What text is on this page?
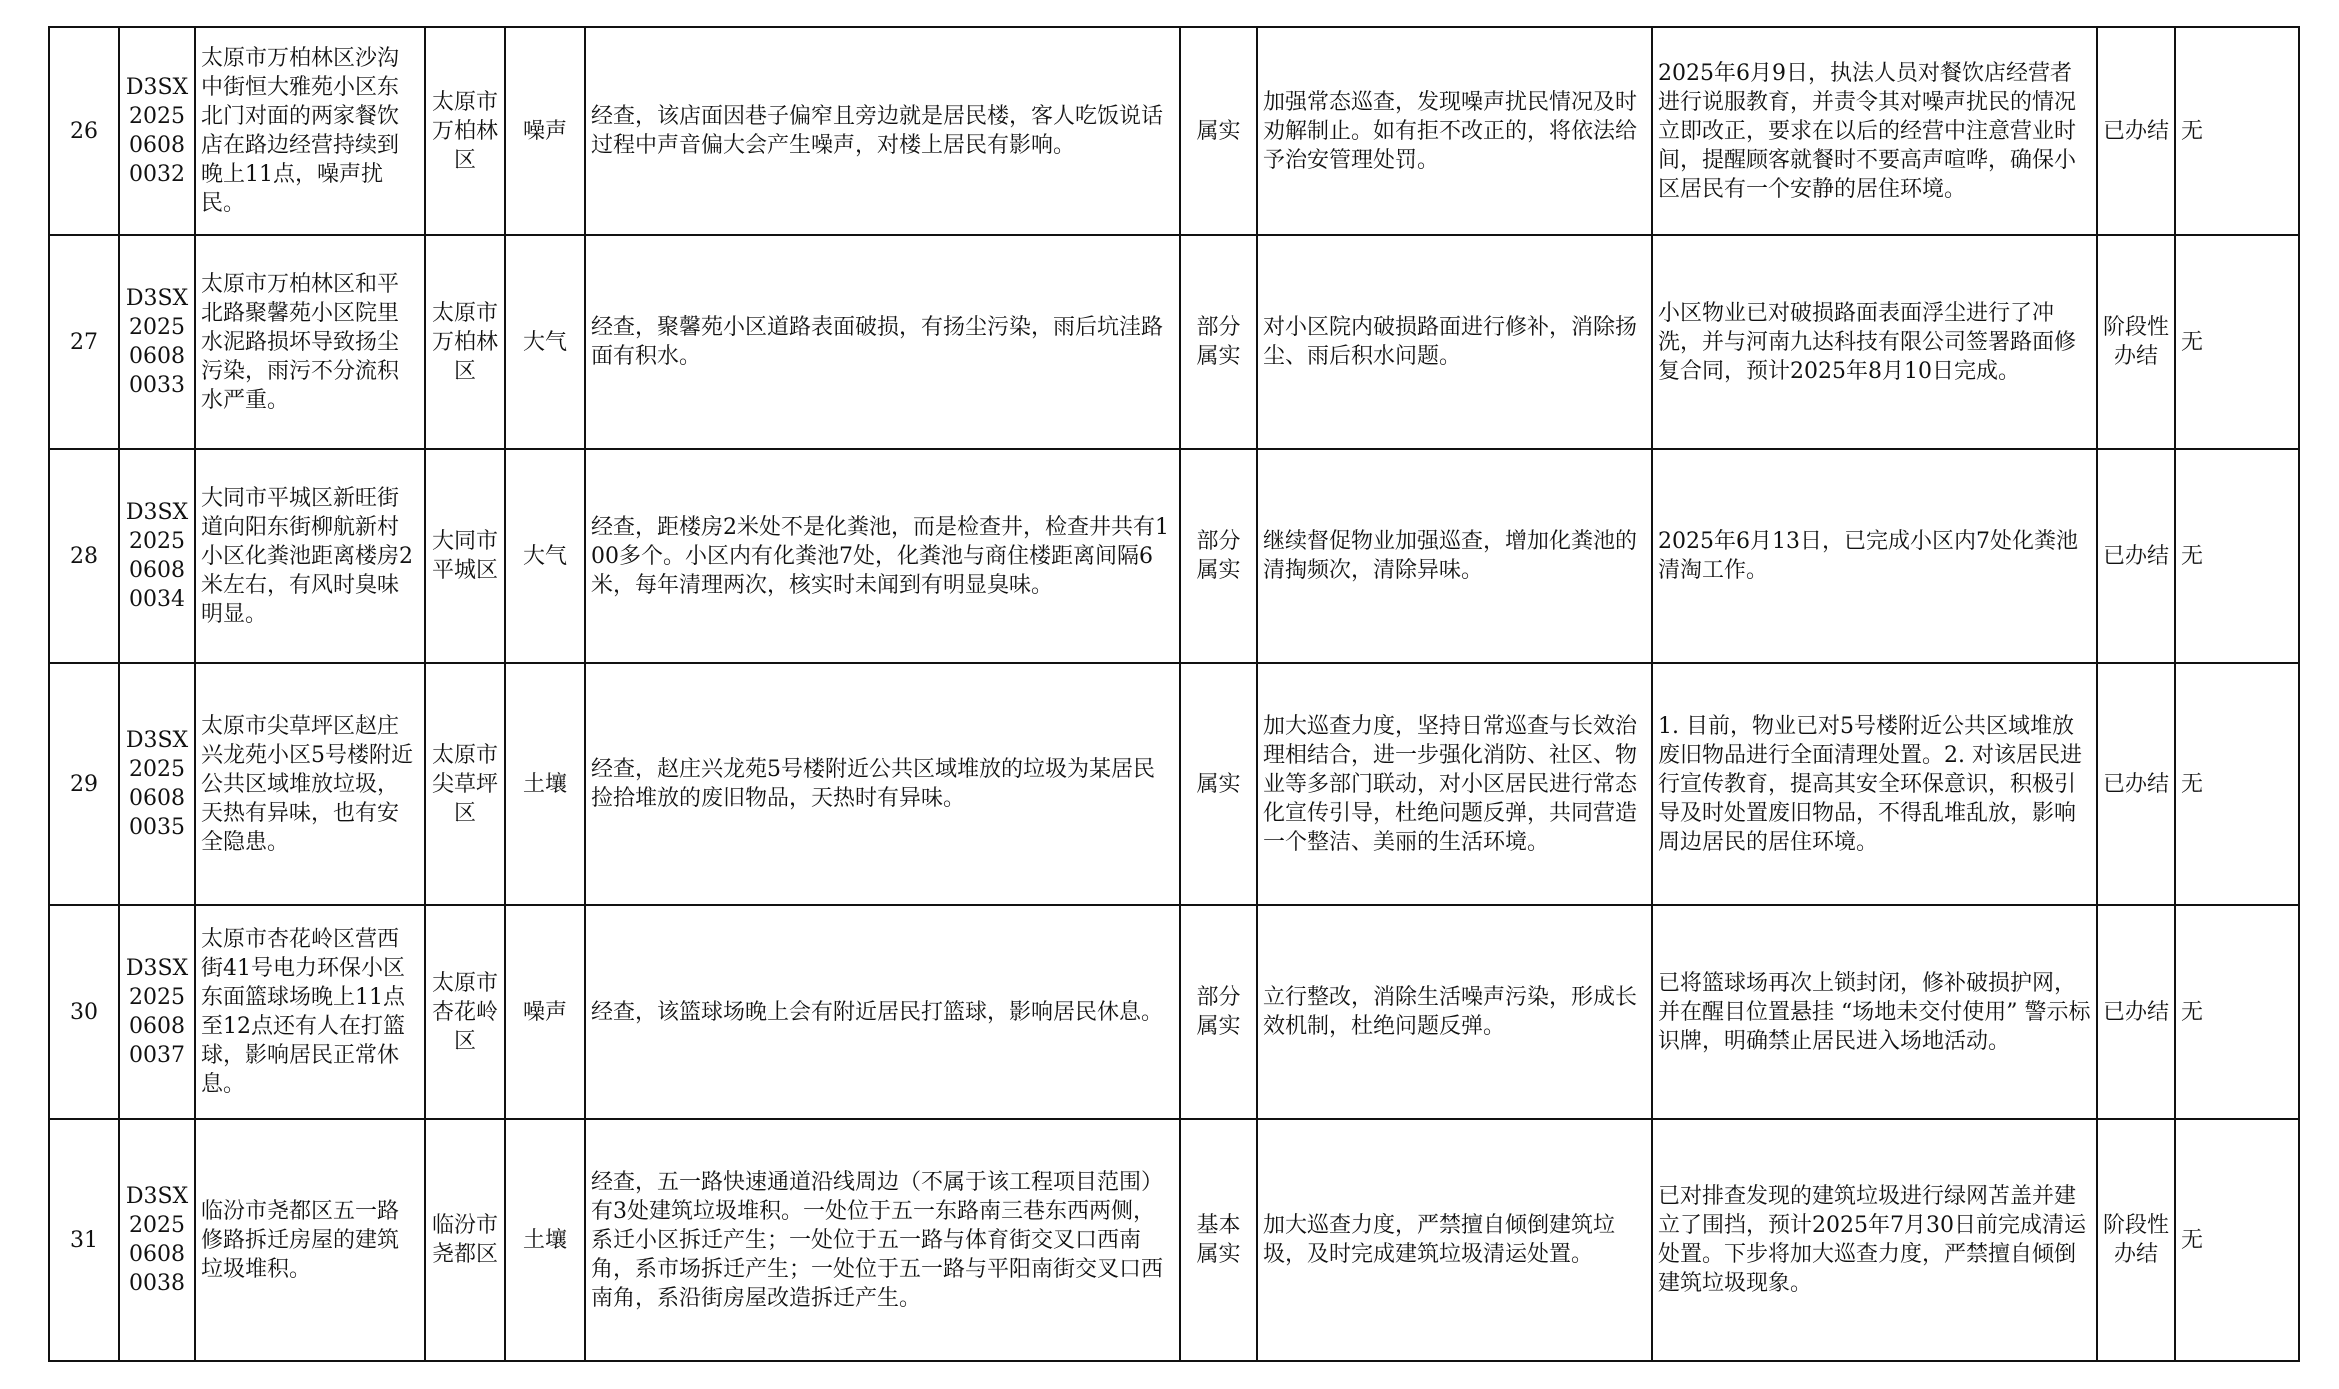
26	D3SX20250608 0032	太原市万柏林区沙沟中街恒大雅苑小区东北门对面的两家餐饮店在路边经营持续到晚上11点，噪声扰民。	太原市万柏林区	噪声	经查，该店面因巷子偏窄且旁边就是居民楼，客人吃饭说话过程中声音偏大会产生噪声，对楼上居民有影响。	属实	加强常态巡查，发现噪声扰民情况及时劝解制止。如有拒不改正的，将依法给予治安管理处罚。	2025年6月9日，执法人员对餐饮店经营者进行说服教育，并责令其对噪声扰民的情况立即改正，要求在以后的经营中注意营业时间，提醒顾客就餐时不要高声喧哗，确保小区居民有一个安静的居住环境。	已办结	无
27	D3SX20250608 0033	太原市万柏林区和平北路聚馨苑小区院里水泥路损坏导致扬尘污染，雨污不分流积水严重。	太原市万柏林区	大气	经查，聚馨苑小区道路表面破损，有扬尘污染，雨后坑洼路面有积水。	部分属实	对小区院内破损路面进行修补，消除扬尘、雨后积水问题。	小区物业已对破损路面表面浮尘进行了冲洗，并与河南九达科技有限公司签署路面修复合同，预计2025年8月10日完成。	阶段性办结	无
28	D3SX20250608 0034	大同市平城区新旺街道向阳东街柳航新村小区化粪池距离楼房2米左右，有风时臭味明显。	大同市平城区	大气	经查，距楼房2米处不是化粪池，而是检查井，检查井共有100多个。小区内有化粪池7处，化粪池与商住楼距离间隔6米，每年清理两次，核实时未闻到有明显臭味。	部分属实	继续督促物业加强巡查，增加化粪池的清掏频次，清除异味。	2025年6月13日，已完成小区内7处化粪池清淘工作。	已办结	无
29	D3SX20250608 0035	太原市尖草坪区赵庄兴龙苑小区5号楼附近公共区域堆放垃圾，天热有异味，也有安全隐患。	太原市尖草坪区	土壤	经查，赵庄兴龙苑5号楼附近公共区域堆放的垃圾为某居民捡拾堆放的废旧物品，天热时有异味。	属实	加大巡查力度，坚持日常巡查与长效治理相结合，进一步强化消防、社区、物业等多部门联动，对小区居民进行常态化宣传引导，杜绝问题反弹，共同营造一个整洁、美丽的生活环境。	1. 目前，物业已对5号楼附近公共区域堆放废旧物品进行全面清理处置。2. 对该居民进行宣传教育，提高其安全环保意识，积极引导及时处置废旧物品，不得乱堆乱放，影响周边居民的居住环境。	已办结	无
30	D3SX20250608 0037	太原市杏花岭区营西街41号电力环保小区东面篮球场晚上11点至12点还有人在打篮球，影响居民正常休息。	太原市杏花岭区	噪声	经查，该篮球场晚上会有附近居民打篮球，影响居民休息。	部分属实	立行整改，消除生活噪声污染，形成长效机制，杜绝问题反弹。	已将篮球场再次上锁封闭，修补破损护网，并在醒目位置悬挂 “场地未交付使用” 警示标识牌，明确禁止居民进入场地活动。	已办结	无
31	D3SX20250608 0038	临汾市尧都区五一路修路拆迁房屋的建筑垃圾堆积。	临汾市尧都区	土壤	经查，五一路快速通道沿线周边（不属于该工程项目范围）有3处建筑垃圾堆积。一处位于五一东路南三巷东西两侧，系迁小区拆迁产生；一处位于五一路与体育街交叉口西南角，系市场拆迁产生；一处位于五一路与平阳南街交叉口西南角，系沿街房屋改造拆迁产生。	基本属实	加大巡查力度，严禁擅自倾倒建筑垃圾，及时完成建筑垃圾清运处置。	已对排查发现的建筑垃圾进行绿网苫盖并建立了围挡，预计2025年7月30日前完成清运处置。下步将加大巡查力度，严禁擅自倾倒建筑垃圾现象。	阶段性办结	无
